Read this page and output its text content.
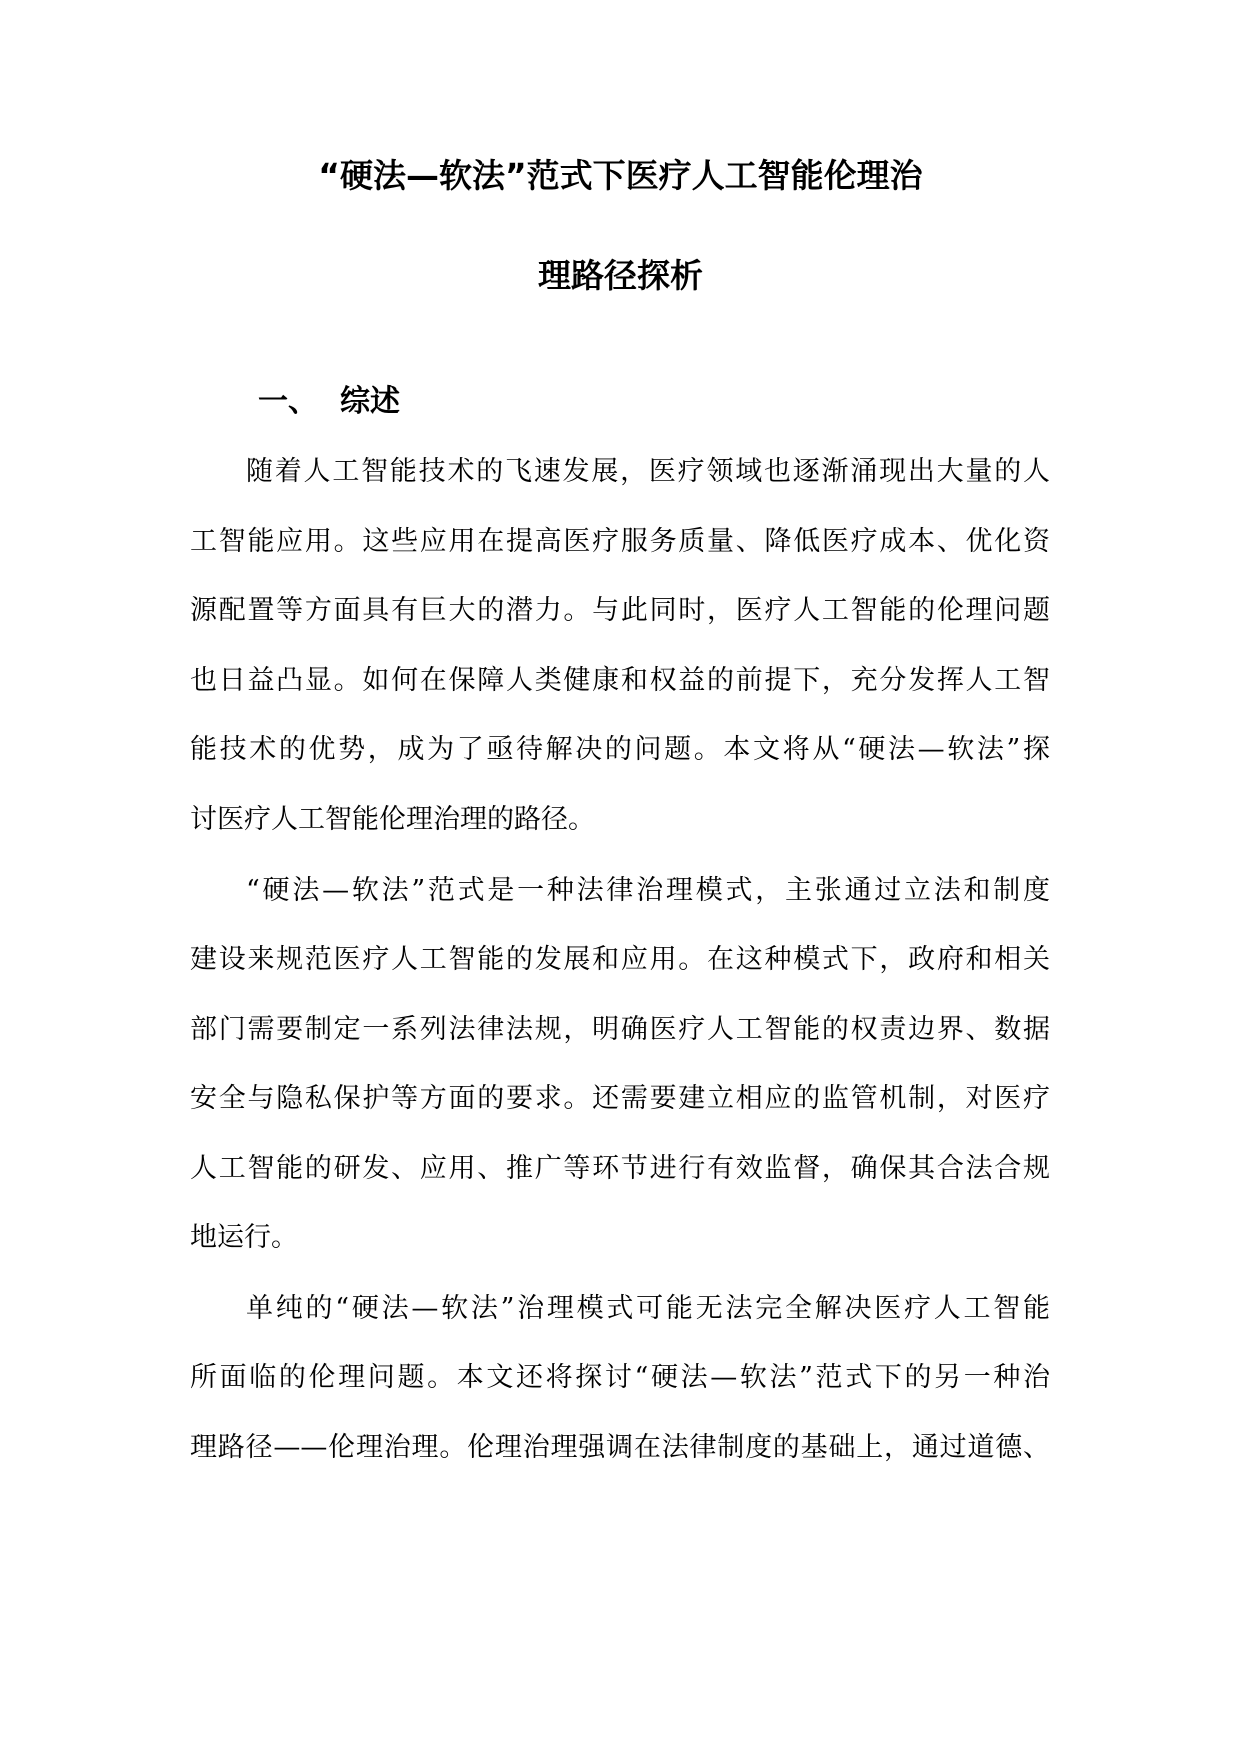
“硬法—软法”范式下医疗人工智能伦理治
理路径探析
一、 综述
随着人工智能技术的飞速发展，医疗领域也逐渐涌现出大量的人
工智能应用。这些应用在提高医疗服务质量、降低医疗成本、优化资
源配置等方面具有巨大的潜力。与此同时，医疗人工智能的伦理问题
也日益凸显。如何在保障人类健康和权益的前提下，充分发挥人工智
能技术的优势，成为了亟待解决的问题。本文将从“硬法—软法”探
讨医疗人工智能伦理治理的路径。
“硬法—软法”范式是一种法律治理模式，主张通过立法和制度
建设来规范医疗人工智能的发展和应用。在这种模式下，政府和相关
部门需要制定一系列法律法规，明确医疗人工智能的权责边界、数据
安全与隐私保护等方面的要求。还需要建立相应的监管机制，对医疗
人工智能的研发、应用、推广等环节进行有效监督，确保其合法合规
地运行。
单纯的“硬法—软法”治理模式可能无法完全解决医疗人工智能
所面临的伦理问题。本文还将探讨“硬法—软法”范式下的另一种治
理路径——伦理治理。伦理治理强调在法律制度的基础上，通过道德、
